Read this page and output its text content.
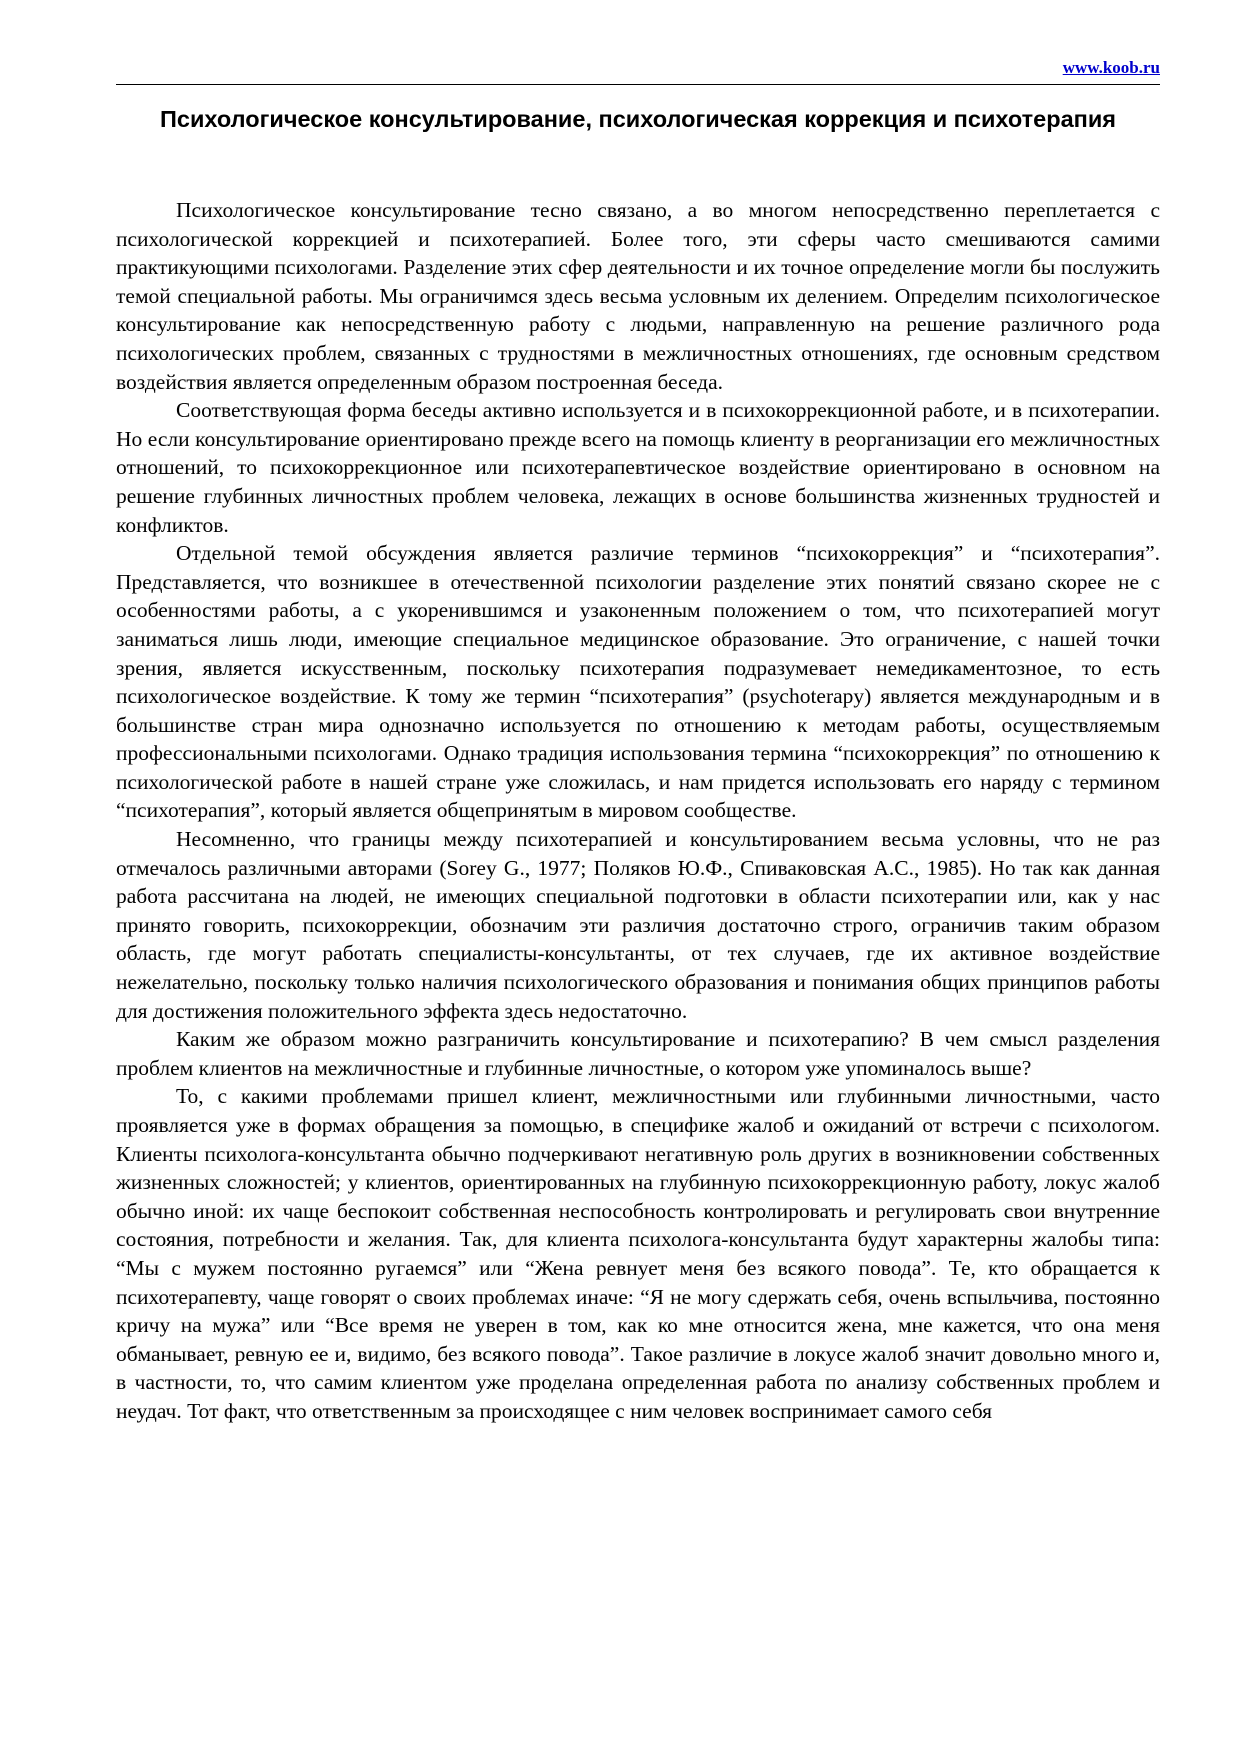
www.koob.ru
Психологическое консультирование, психологическая коррекция и психотерапия

Психологическое консультирование тесно связано, а во многом непосредственно переплетается с психологической коррекцией и психотерапией. Более того, эти сферы часто смешиваются самими практикующими психологами. Разделение этих сфер деятельности и их точное определение могли бы послужить темой специальной работы. Мы ограничимся здесь весьма условным их делением. Определим психологическое консультирование как непосредственную работу с людьми, направленную на решение различного рода психологических проблем, связанных с трудностями в межличностных отношениях, где основным средством воздействия является определенным образом построенная беседа.

Соответствующая форма беседы активно используется и в психокоррекционной работе, и в психотерапии. Но если консультирование ориентировано прежде всего на помощь клиенту в реорганизации его межличностных отношений, то психокоррекционное или психотерапевтическое воздействие ориентировано в основном на решение глубинных личностных проблем человека, лежащих в основе большинства жизненных трудностей и конфликтов.

Отдельной темой обсуждения является различие терминов “психокоррекция” и “психотерапия”. Представляется, что возникшее в отечественной психологии разделение этих понятий связано скорее не с особенностями работы, а с укоренившимся и узаконенным положением о том, что психотерапией могут заниматься лишь люди, имеющие специальное медицинское образование. Это ограничение, с нашей точки зрения, является искусственным, поскольку психотерапия подразумевает немедикаментозное, то есть психологическое воздействие. К тому же термин “психотерапия” (psychoterapy) является международным и в большинстве стран мира однозначно используется по отношению к методам работы, осуществляемым профессиональными психологами. Однако традиция использования термина “психокоррекция” по отношению к психологической работе в нашей стране уже сложилась, и нам придется использовать его наряду с термином “психотерапия”, который является общепринятым в мировом сообществе.

Несомненно, что границы между психотерапией и консультированием весьма условны, что не раз отмечалось различными авторами (Sorey G., 1977; Поляков Ю.Ф., Спиваковская А.С., 1985). Но так как данная работа рассчитана на людей, не имеющих специальной подготовки в области психотерапии или, как у нас принято говорить, психокоррекции, обозначим эти различия достаточно строго, ограничив таким образом область, где могут работать специалисты-консультанты, от тех случаев, где их активное воздействие нежелательно, поскольку только наличия психологического образования и понимания общих принципов работы для достижения положительного эффекта здесь недостаточно.

Каким же образом можно разграничить консультирование и психотерапию? В чем смысл разделения проблем клиентов на межличностные и глубинные личностные, о котором уже упоминалось выше?

То, с какими проблемами пришел клиент, межличностными или глубинными личностными, часто проявляется уже в формах обращения за помощью, в специфике жалоб и ожиданий от встречи с психологом. Клиенты психолога-консультанта обычно подчеркивают негативную роль других в возникновении собственных жизненных сложностей; у клиентов, ориентированных на глубинную психокоррекционную работу, локус жалоб обычно иной: их чаще беспокоит собственная неспособность контролировать и регулировать свои внутренние состояния, потребности и желания. Так, для клиента психолога-консультанта будут характерны жалобы типа: “Мы с мужем постоянно ругаемся” или “Жена ревнует меня без всякого повода”. Те, кто обращается к психотерапевту, чаще говорят о своих проблемах иначе: “Я не могу сдержать себя, очень вспыльчива, постоянно кричу на мужа” или “Все время не уверен в том, как ко мне относится жена, мне кажется, что она меня обманывает, ревную ее и, видимо, без всякого повода”. Такое различие в локусе жалоб значит довольно много и, в частности, то, что самим клиентом уже проделана определенная работа по анализу собственных проблем и неудач. Тот факт, что ответственным за происходящее с ним человек воспринимает самого себя
